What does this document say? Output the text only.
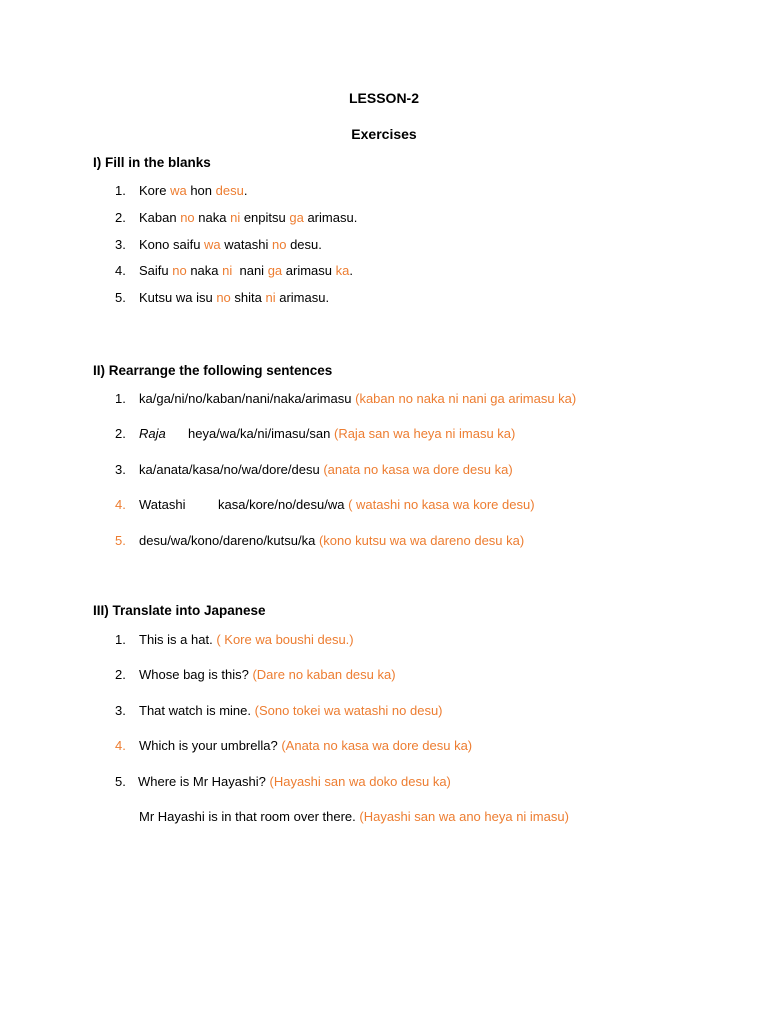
LESSON-2
Exercises
I) Fill in the blanks
1. Kore wa hon desu.
2. Kaban no naka ni enpitsu ga arimasu.
3. Kono saifu wa watashi no desu.
4. Saifu no naka ni  nani ga arimasu ka.
5. Kutsu wa isu no shita ni arimasu.
II) Rearrange the following sentences
1. ka/ga/ni/no/kaban/nani/naka/arimasu (kaban no naka ni nani ga arimasu ka)
2. Raja heya/wa/ka/ni/imasu/san (Raja san wa heya ni imasu ka)
3. ka/anata/kasa/no/wa/dore/desu (anata no kasa wa dore desu ka)
4. Watashi	kasa/kore/no/desu/wa ( watashi no kasa wa kore desu)
5. desu/wa/kono/dareno/kutsu/ka (kono kutsu wa wa dareno desu ka)
III) Translate into Japanese
1. This is a hat. ( Kore wa boushi desu.)
2. Whose bag is this? (Dare no kaban desu ka)
3. That watch is mine. (Sono tokei wa watashi no desu)
4. Which is your umbrella? (Anata no kasa wa dore desu ka)
5. Where is Mr Hayashi? (Hayashi san wa doko desu ka)
Mr Hayashi is in that room over there. (Hayashi san wa ano heya ni imasu)
